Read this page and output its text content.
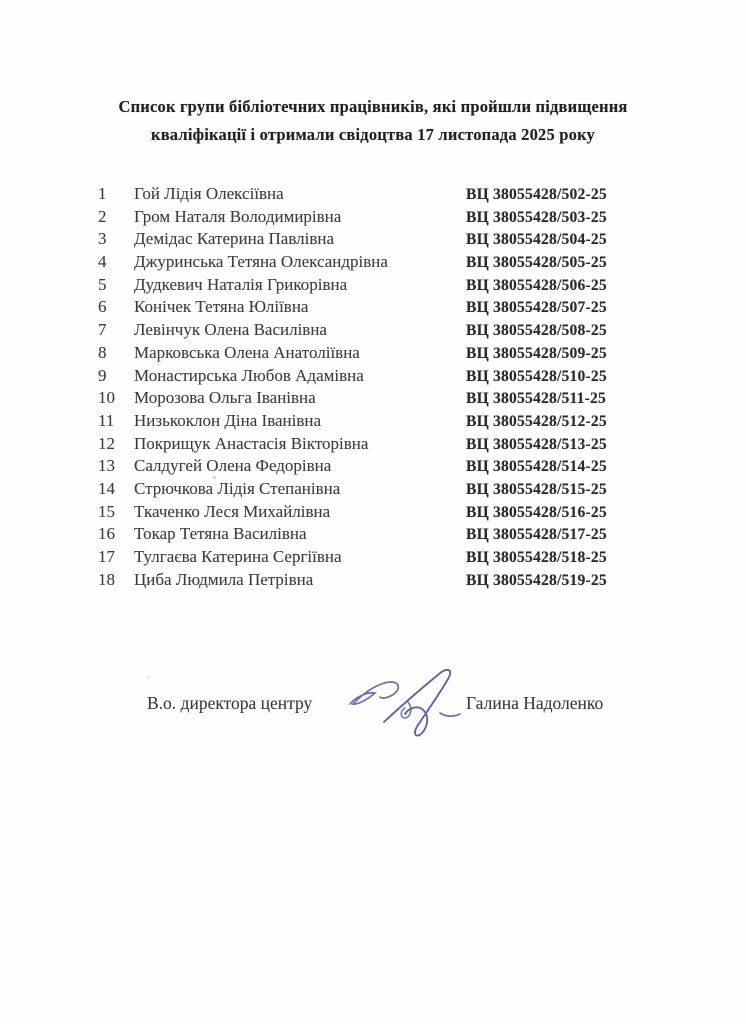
Список групи бібліотечних працівників, які пройшли підвищення
кваліфікації і отримали свідоцтва 17 листопада 2025 року
1	Гой Лідія Олексіївна	ВЦ 38055428/502-25
2	Гром Наталя Володимирівна	ВЦ 38055428/503-25
3	Демідас Катерина Павлівна	ВЦ 38055428/504-25
4	Джуринська Тетяна Олександрівна	ВЦ 38055428/505-25
5	Дудкевич Наталія Грикорівна	ВЦ 38055428/506-25
6	Конічек Тетяна Юліївна	ВЦ 38055428/507-25
7	Левінчук Олена Василівна	ВЦ 38055428/508-25
8	Марковська Олена Анатоліївна	ВЦ 38055428/509-25
9	Монастирська Любов Адамівна	ВЦ 38055428/510-25
10	Морозова Ольга Іванівна	ВЦ 38055428/511-25
11	Низькоклон Діна Іванівна	ВЦ 38055428/512-25
12	Покрищук Анастасія Вікторівна	ВЦ 38055428/513-25
13	Салдугей Олена Федорівна	ВЦ 38055428/514-25
14	Стрючкова Лідія Степанівна	ВЦ 38055428/515-25
15	Ткаченко Леся Михайлівна	ВЦ 38055428/516-25
16	Токар Тетяна Василівна	ВЦ 38055428/517-25
17	Тулгаєва Катерина Сергіївна	ВЦ 38055428/518-25
18	Циба Людмила Петрівна	ВЦ 38055428/519-25
В.о. директора центру	Галина Надоленко
